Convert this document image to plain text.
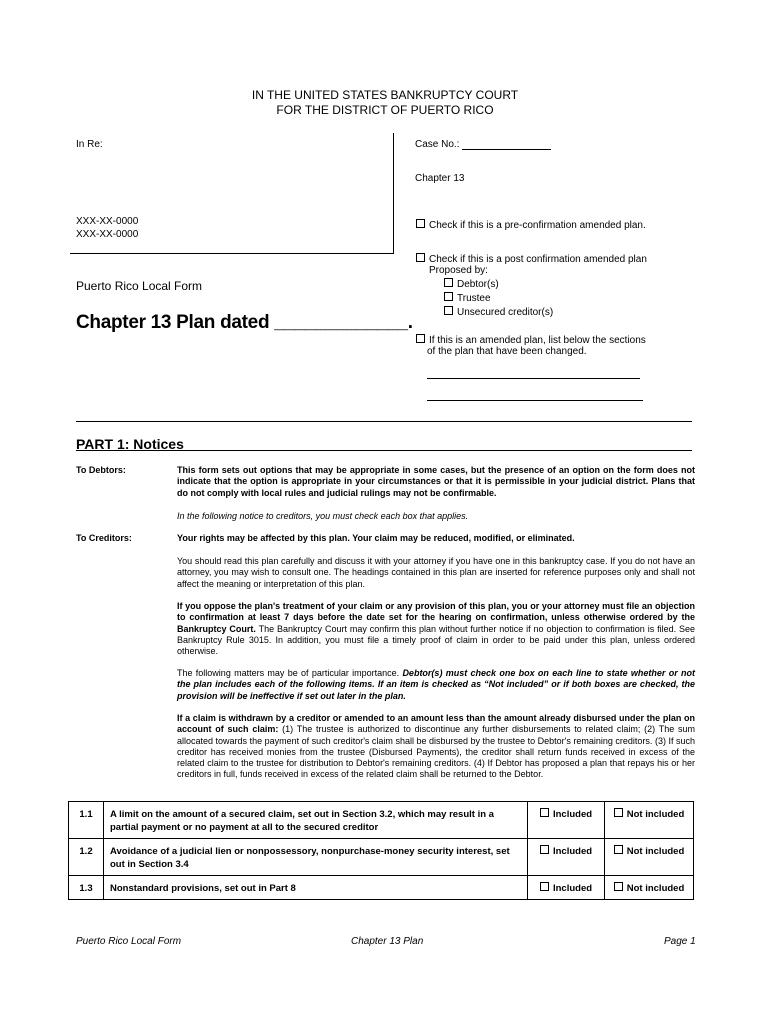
IN THE UNITED STATES BANKRUPTCY COURT
FOR THE DISTRICT OF PUERTO RICO
In Re:
XXX-XX-0000
XXX-XX-0000
Puerto Rico Local Form
Chapter 13 Plan dated _____________.
Case No.:
Chapter 13
Check if this is a pre-confirmation amended plan.
Check if this is a post confirmation amended plan
Proposed by:
Debtor(s)
Trustee
Unsecured creditor(s)
If this is an amended plan, list below the sections
of the plan that have been changed.
PART 1: Notices
To Debtors:	This form sets out options that may be appropriate in some cases, but the presence of an option on the form does not indicate that the option is appropriate in your circumstances or that it is permissible in your judicial district. Plans that do not comply with local rules and judicial rulings may not be confirmable.
In the following notice to creditors, you must check each box that applies.
To Creditors:	Your rights may be affected by this plan. Your claim may be reduced, modified, or eliminated.
You should read this plan carefully and discuss it with your attorney if you have one in this bankruptcy case. If you do not have an attorney, you may wish to consult one. The headings contained in this plan are inserted for reference purposes only and shall not affect the meaning or interpretation of this plan.
If you oppose the plan's treatment of your claim or any provision of this plan, you or your attorney must file an objection to confirmation at least 7 days before the date set for the hearing on confirmation, unless otherwise ordered by the Bankruptcy Court. The Bankruptcy Court may confirm this plan without further notice if no objection to confirmation is filed. See Bankruptcy Rule 3015. In addition, you must file a timely proof of claim in order to be paid under this plan, unless ordered otherwise.
The following matters may be of particular importance. Debtor(s) must check one box on each line to state whether or not the plan includes each of the following items. If an item is checked as “Not included” or if both boxes are checked, the provision will be ineffective if set out later in the plan.
If a claim is withdrawn by a creditor or amended to an amount less than the amount already disbursed under the plan on account of such claim: (1) The trustee is authorized to discontinue any further disbursements to related claim; (2) The sum allocated towards the payment of such creditor's claim shall be disbursed by the trustee to Debtor's remaining creditors. (3) If such creditor has received monies from the trustee (Disbursed Payments), the creditor shall return funds received in excess of the related claim to the trustee for distribution to Debtor's remaining creditors. (4) If Debtor has proposed a plan that repays his or her creditors in full, funds received in excess of the related claim shall be returned to the Debtor.
1.1	A limit on the amount of a secured claim, set out in Section 3.2, which may result in a partial payment or no payment at all to the secured creditor	Included	Not included
1.2	Avoidance of a judicial lien or nonpossessory, nonpurchase-money security interest, set out in Section 3.4	Included	Not included
1.3	Nonstandard provisions, set out in Part 8	Included	Not included
Puerto Rico Local Form	Chapter 13 Plan	Page 1
